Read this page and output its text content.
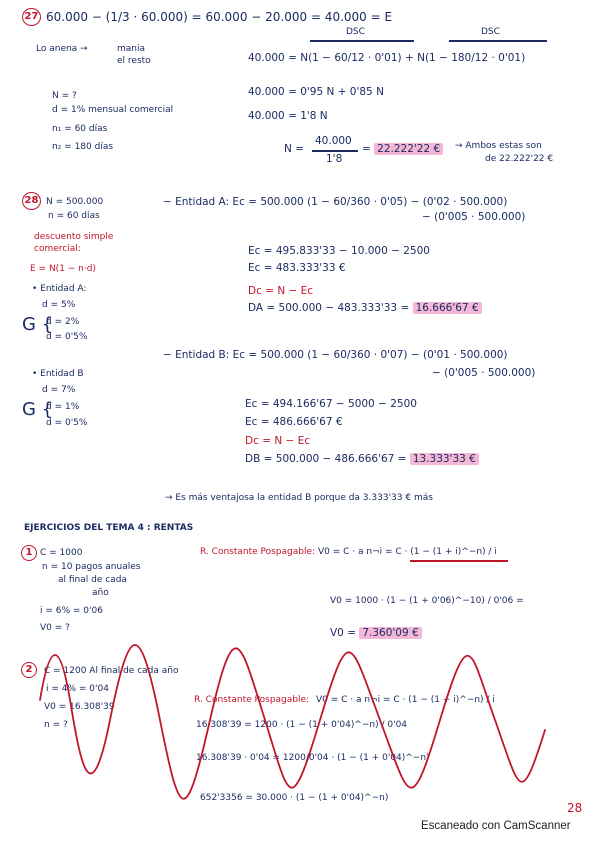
27 60.000 − (1/3 · 60.000) = 60.000 − 20.000 = 40.000 = E
Lo anena →	mania
el resto
DSC	DSC
40.000 = N(1 − 60/12 · 0'01) + N(1 − 180/12 · 0'01)
N = ?
d = 1% mensual comercial
n₁ = 60 días
n₂ = 180 días
40.000 = 0'95 N + 0'85 N
40.000 = 1'8 N
N =
40.000
1'8
= 22.222'22 €	→ Ambos estas son
de 22.222'22 €
28 N = 500.000
n = 60 días
descuento simple
comercial:
E = N(1 − n·d)
• Entidad A:
d = 5%
G {
d = 2%
d = 0'5%
• Entidad B
d = 7%
G {
d = 1%
d = 0'5%
− Entidad A: Ec = 500.000 (1 − 60/360 · 0'05) − (0'02 · 500.000)
− (0'005 · 500.000)
Ec = 495.833'33 − 10.000 − 2500
Ec = 483.333'33 €
Dc = N − Ec
DA = 500.000 − 483.333'33 = 16.666'67 €
− Entidad B: Ec = 500.000 (1 − 60/360 · 0'07) − (0'01 · 500.000)
− (0'005 · 500.000)
Ec = 494.166'67 − 5000 − 2500
Ec = 486.666'67 €
Dc = N − Ec
DB = 500.000 − 486.666'67 = 13.333'33 €
→ Es más ventajosa la entidad B porque da 3.333'33 € más
EJERCICIOS DEL TEMA 4 : RENTAS
1 C = 1000
n = 10 pagos anuales
al final de cada
año
i = 6% = 0'06
V0 = ?
R. Constante Pospagable: V0 = C · a n¬i = C · (1 − (1 + i)^−n) / i
V0 = 1000 · (1 − (1 + 0'06)^−10) / 0'06 =
V0 = 7.360'09 €
2	C = 1200 Al final de cada año
i = 4% = 0'04
V0 = 16.308'39
n = ?
R. Constante Pospagable: V0 = C · a n¬i = C · (1 − (1 + i)^−n) / i
16.308'39 = 1200 · (1 − (1 + 0'04)^−n) / 0'04
16.308'39 · 0'04 = 1200/0'04 · (1 − (1 + 0'04)^−n)
652'3356 = 30.000 · (1 − (1 + 0'04)^−n)
28
Escaneado con CamScanner
